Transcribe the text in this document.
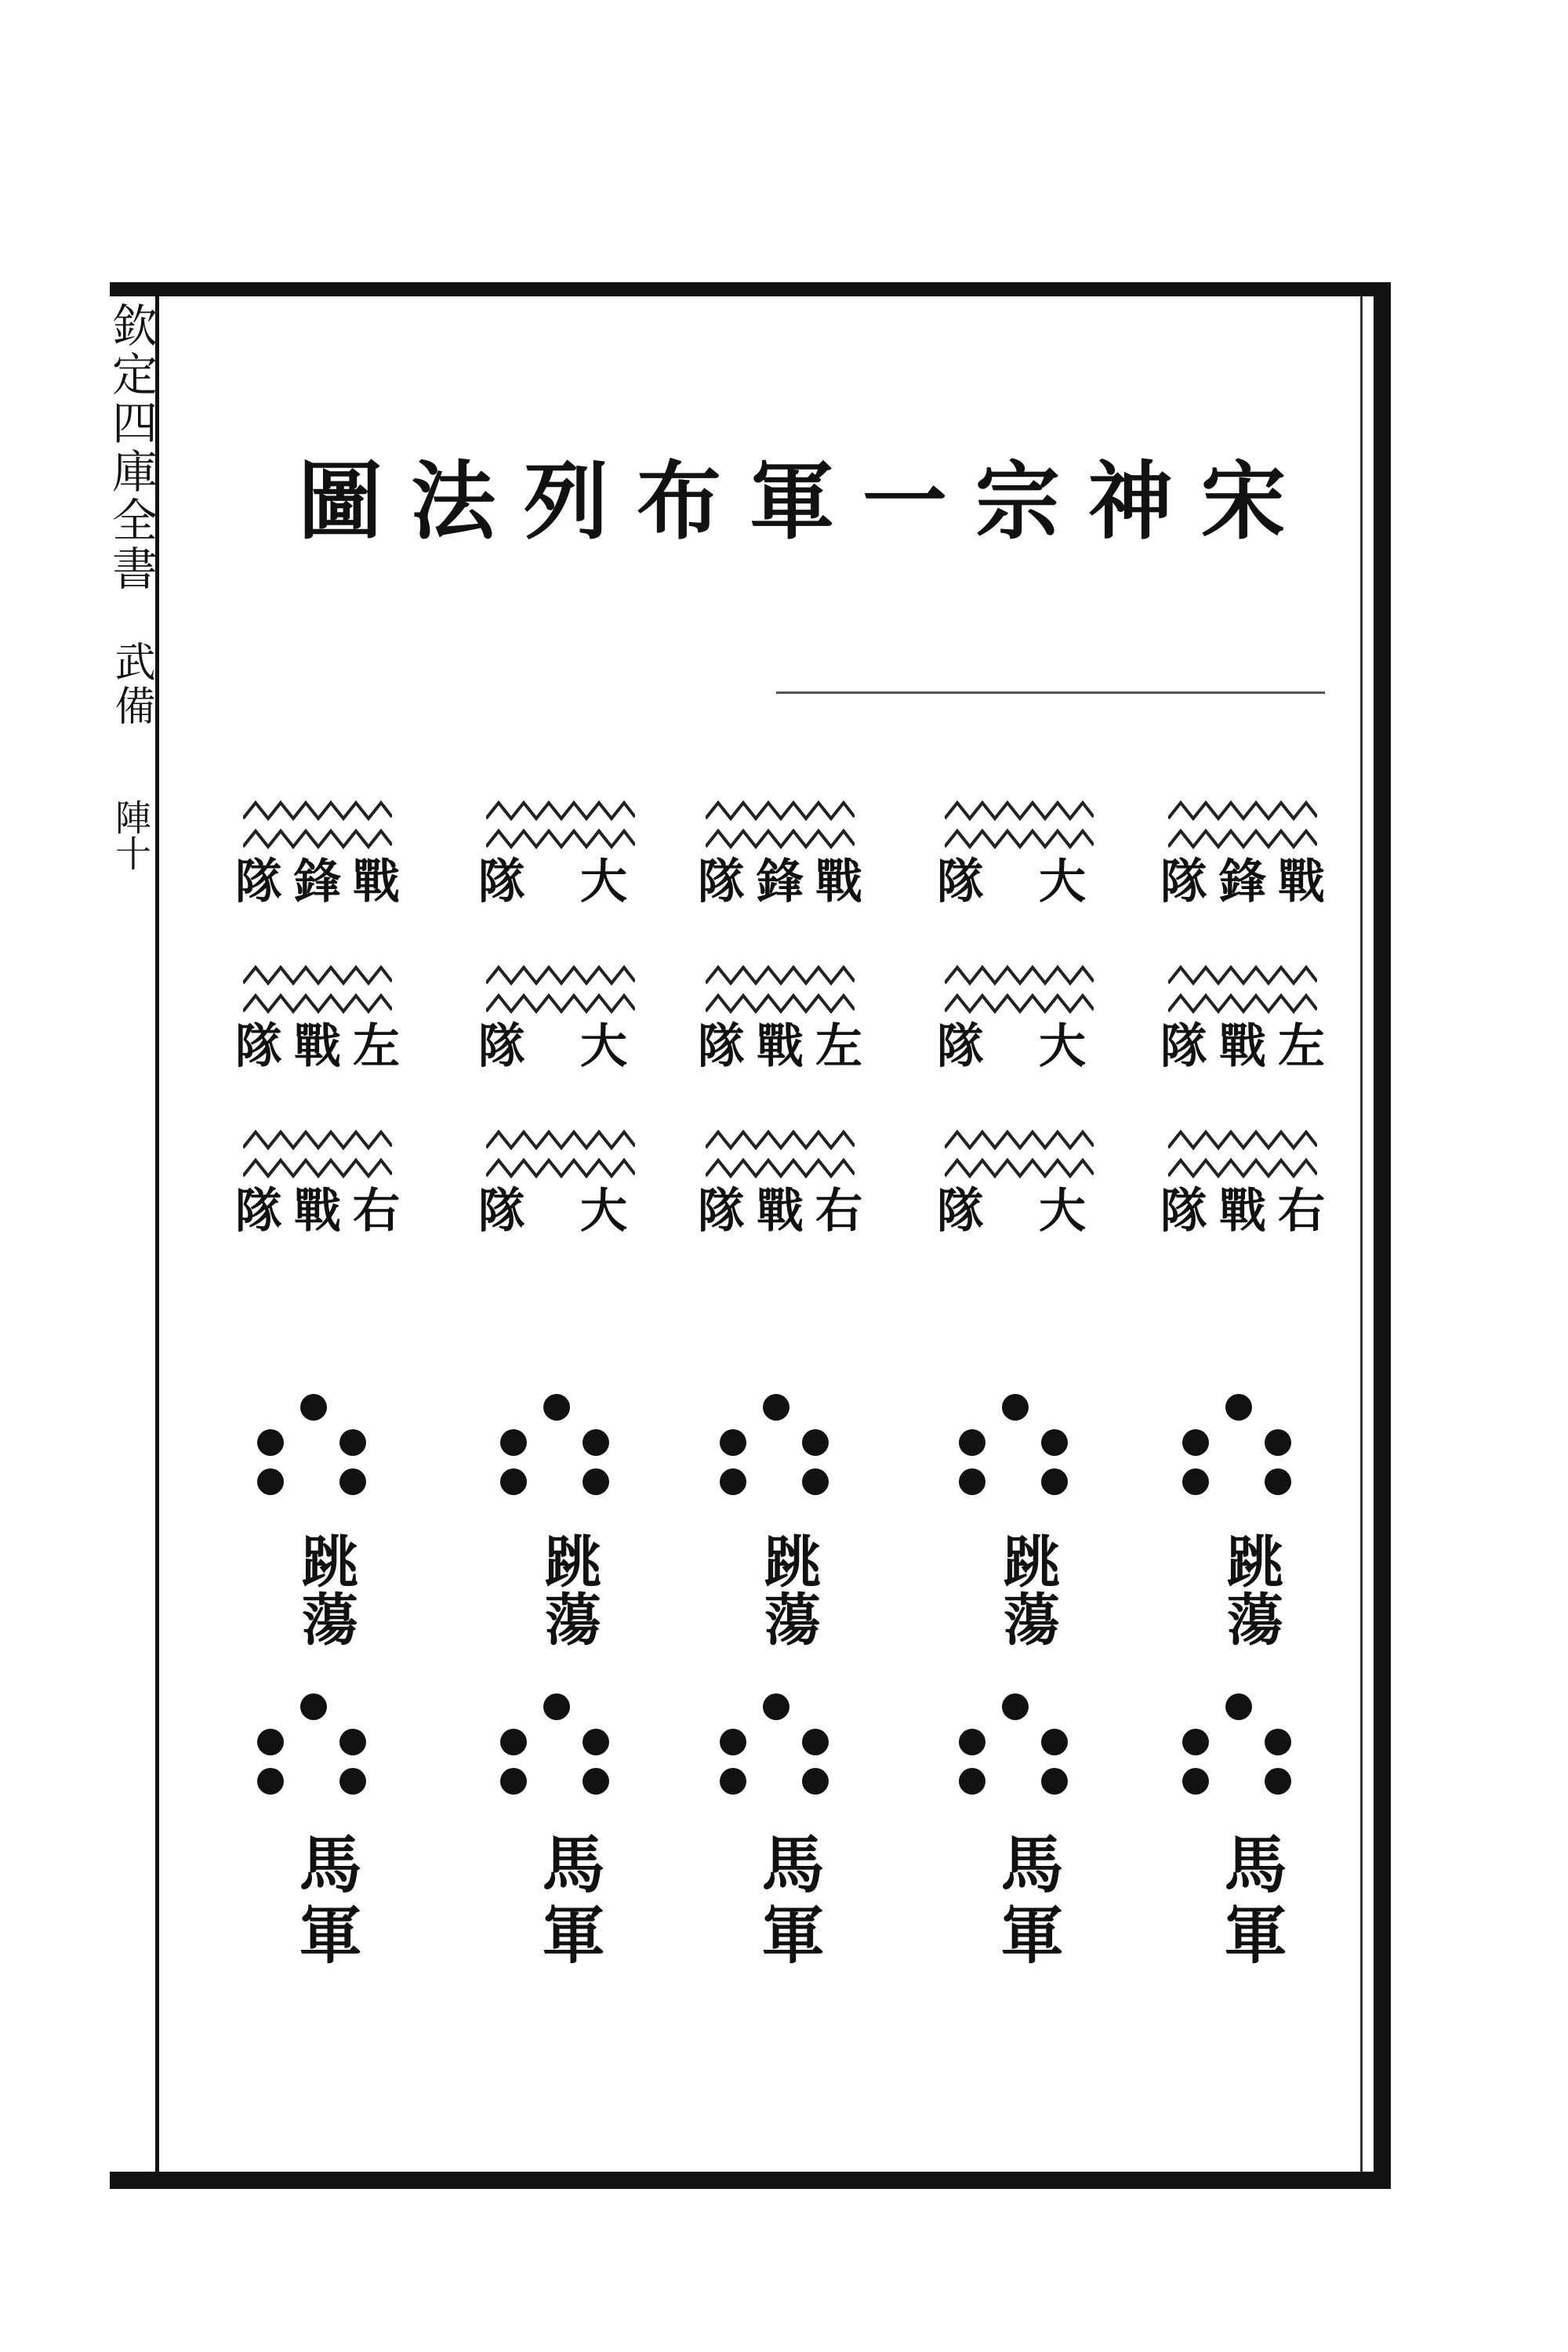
欽定四庫全書
武備
陣十
宋
神
宗
一
軍
布
列
法
圖
戰
鋒
隊
左
戰
隊
右
戰
隊
跳蕩
馬軍
大
隊
大
隊
大
隊
跳蕩
馬軍
戰
鋒
隊
左
戰
隊
右
戰
隊
跳蕩
馬軍
大
隊
大
隊
大
隊
跳蕩
馬軍
戰
鋒
隊
左
戰
隊
右
戰
隊
跳蕩
馬軍
